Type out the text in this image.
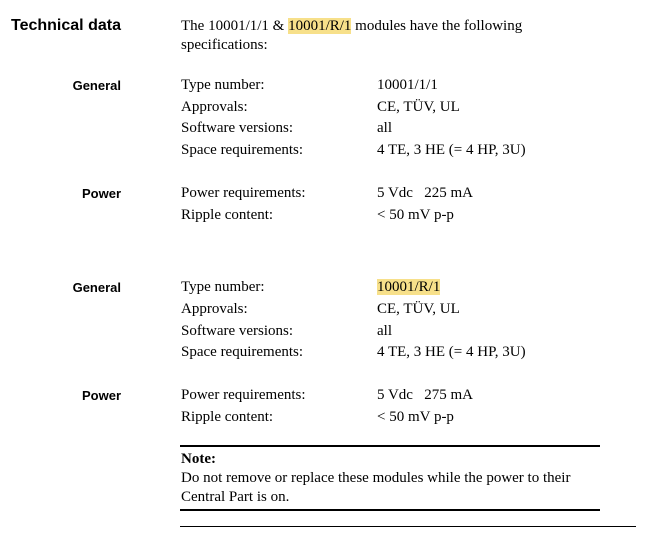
Technical data	The 10001/1/1 & 10001/R/1 modules have the following
specifications:
General	Type number:	10001/1/1
Approvals:	CE, TÜV, UL
Software versions:	all
Space requirements:	4 TE, 3 HE (= 4 HP, 3U)
Power	Power requirements:	5 Vdc   225 mA
Ripple content:	< 50 mV p-p
General	Type number:	10001/R/1
Approvals:	CE, TÜV, UL
Software versions:	all
Space requirements:	4 TE, 3 HE (= 4 HP, 3U)
Power	Power requirements:	5 Vdc   275 mA
Ripple content:	< 50 mV p-p
Note:
Do not remove or replace these modules while the power to their
Central Part is on.
